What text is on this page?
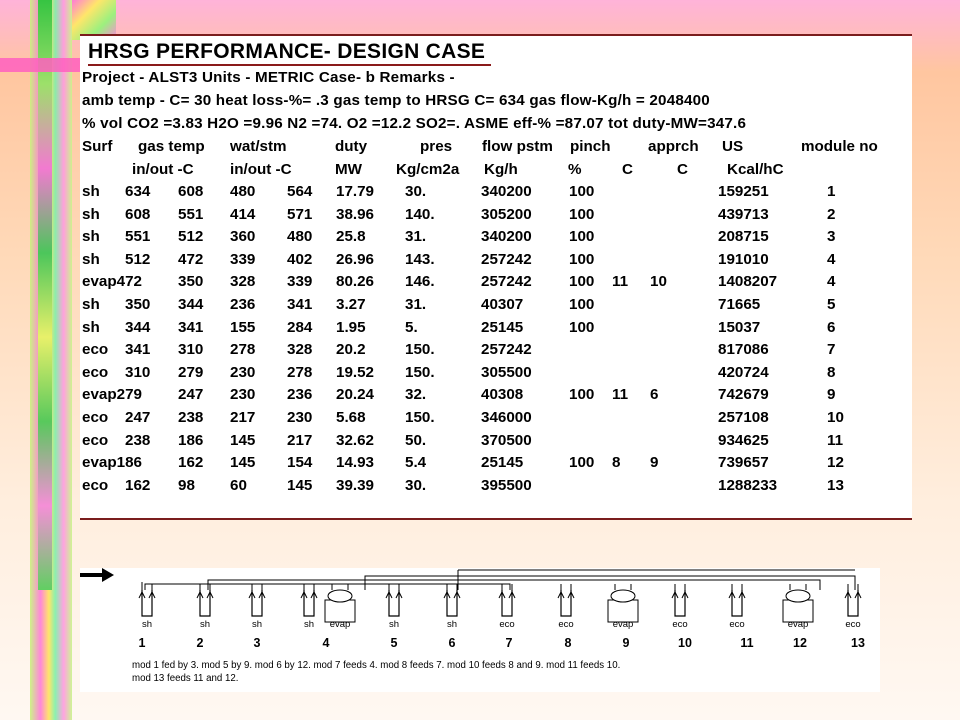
HRSG PERFORMANCE- DESIGN CASE
Project - ALST3 Units - METRIC Case- b Remarks -
amb temp - C= 30 heat loss-%= .3 gas temp to HRSG C= 634 gas flow-Kg/h = 2048400
% vol CO2 =3.83 H2O =9.96 N2 =74. O2 =12.2 SO2=. ASME eff-% =87.07 tot duty-MW=347.6
Surf gas temp wat/stm	duty	pres flow pstm pinch apprch US	module no
in/out -C in/out -C	MW Kg/cm2a Kg/h	%	C	C	Kcal/hC
sh 634 608 480 564 17.79 30.	340200 100	159251	1
sh 608 551 414 571 38.96 140.	305200 100	439713	2
sh 551 512 360 480 25.8	31.	340200 100	208715	3
sh 512 472 339 402 26.96 143.	257242 100	191010	4
evap472 350 328 339 80.26 146.	257242 100 11 10	1408207	4
sh 350 344 236 341 3.27	31.	40307	100	71665	5
sh 344 341 155 284 1.95	5.	25145	100	15037	6
eco 341 310 278 328 20.2	150.	257242	817086	7
eco 310 279 230 278 19.52 150.	305500	420724	8
evap279 247 230 236 20.24 32.	40308	100 11 6	742679	9
eco 247 238 217 230 5.68	150.	346000	257108	10
eco 238 186 145 217 32.62 50.	370500	934625	11
evap186 162 145 154 14.93 5.4	25145	100 8 9	739657	12
eco 162 98 60	145 39.39 30.	395500	1288233	13
sh	sh	sh	sh	evap	sh	sh	eco	eco	evap	eco	eco	evap	eco
1	2	3	4	5	6	7	8	9	10	11	12	13
mod 1 fed by 3. mod 5 by 9. mod 6 by 12. mod 7 feeds 4. mod 8 feeds 7. mod 10 feeds 8 and 9. mod 11 feeds 10.
mod 13 feeds 11 and 12.
